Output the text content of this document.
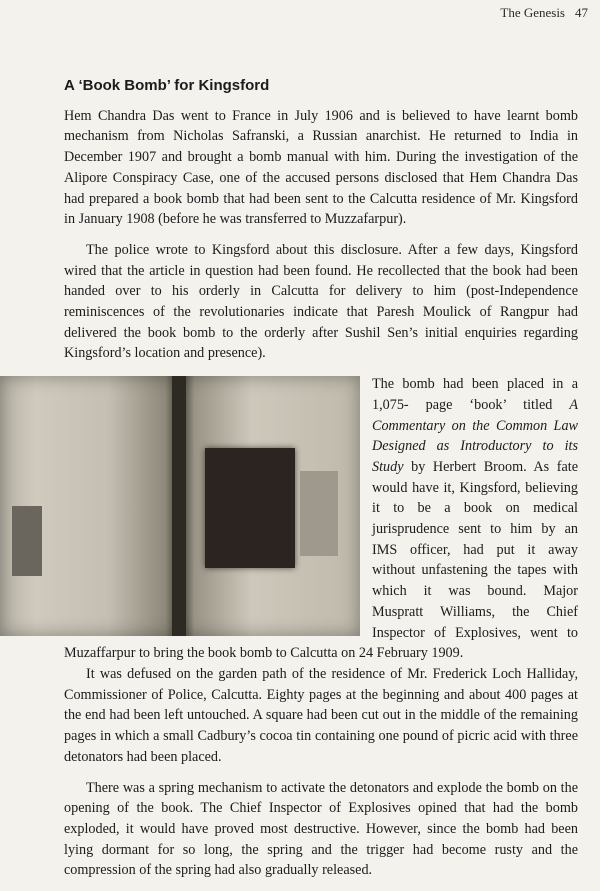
The Genesis 47
A ‘Book Bomb’ for Kingsford

Hem Chandra Das went to France in July 1906 and is believed to have learnt bomb mechanism from Nicholas Safranski, a Russian anarchist. He returned to India in December 1907 and brought a bomb manual with him. During the investigation of the Alipore Conspiracy Case, one of the accused persons disclosed that Hem Chandra Das had prepared a book bomb that had been sent to the Calcutta residence of Mr. Kingsford in January 1908 (before he was transferred to Muzzafarpur).

The police wrote to Kingsford about this disclosure. After a few days, Kingsford wired that the article in question had been found. He recollected that the book had been handed over to his orderly in Calcutta for delivery to him (post-Independence reminiscences of the revolutionaries indicate that Paresh Moulick of Rangpur had delivered the book bomb to the orderly after Sushil Sen’s initial enquiries regarding Kingsford’s location and presence).

The bomb had been placed in a 1,075- page ‘book’ titled A Commentary on the Common Law Designed as Introductory to its Study by Herbert Broom. As fate would have it, Kingsford, believing it to be a book on medical jurisprudence sent to him by an IMS officer, had put it away without unfastening the tapes with which it was bound. Major Muspratt Williams, the Chief Inspector of Explosives, went to Muzaffarpur to bring the book bomb to Calcutta on 24 February 1909.

It was defused on the garden path of the residence of Mr. Frederick Loch Halliday, Commissioner of Police, Calcutta. Eighty pages at the beginning and about 400 pages at the end had been left untouched. A square had been cut out in the middle of the remaining pages in which a small Cadbury’s cocoa tin containing one pound of picric acid with three detonators had been placed.

There was a spring mechanism to activate the detonators and explode the bomb on the opening of the book. The Chief Inspector of Explosives opined that had the bomb exploded, it would have proved most destructive. However, since the bomb had been lying dormant for so long, the spring and the trigger had become rusty and the compression of the spring had also gradually released.
